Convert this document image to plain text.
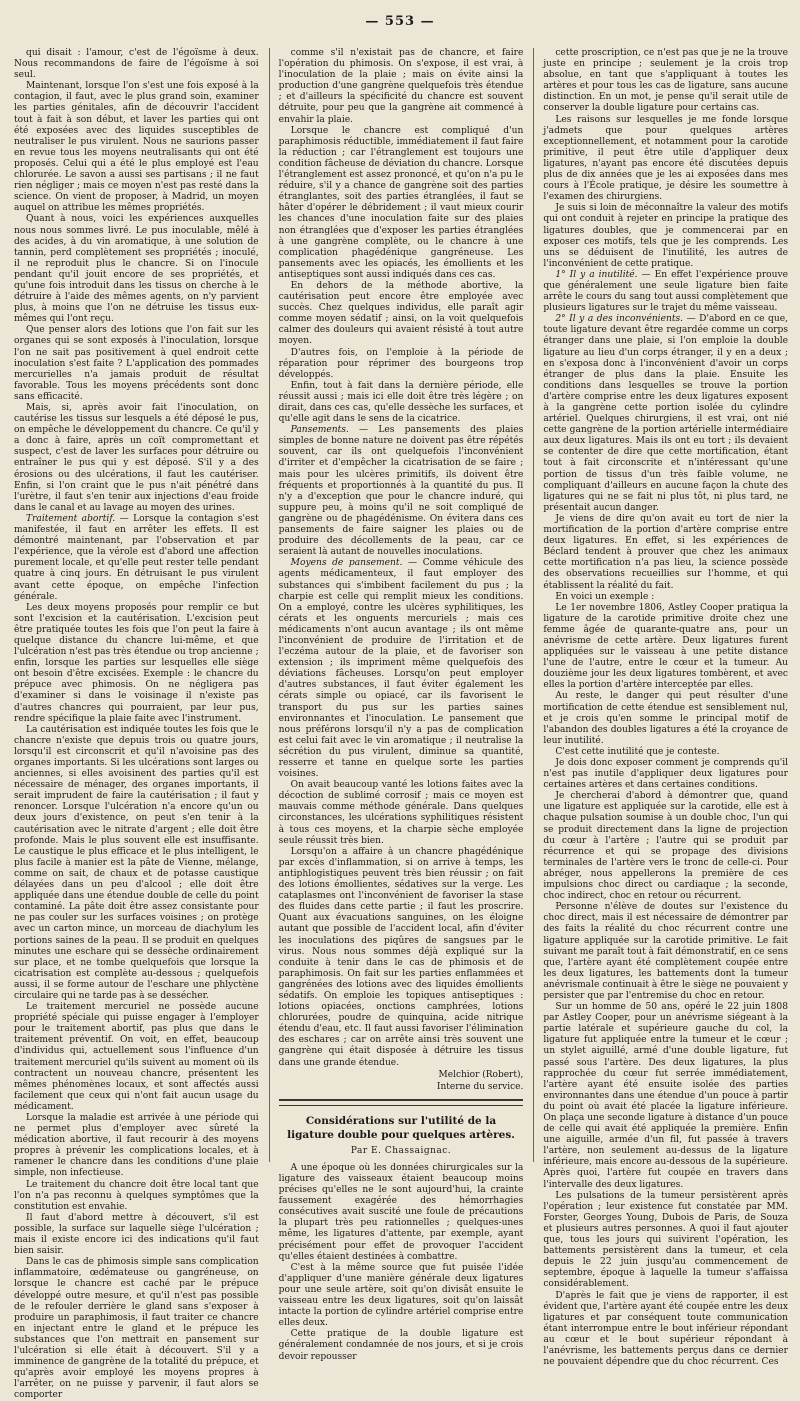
— 553 —

qui disait : l'amour, c'est de l'égoïsme à deux. Nous recommandons de faire de l'égoïsme à soi seul.

Maintenant, lorsque l'on s'est une fois exposé à la contagion, il faut, avec le plus grand soin, examiner les parties génitales, afin de découvrir l'accident tout à fait à son début, et laver les parties qui ont été exposées avec des liquides susceptibles de neutraliser le pus virulent. Nous ne saurions passer en revue tous les moyens neutralisants qui ont été proposés. Celui qui a été le plus employé est l'eau chlorurée. Le savon a aussi ses partisans ; il ne faut rien négliger ; mais ce moyen n'est pas resté dans la science. On vient de proposer, à Madrid, un moyen auquel on attribue les mêmes propriétés.

Quant à nous, voici les expériences auxquelles nous nous sommes livré. Le pus inoculable, mêlé à des acides, à du vin aromatique, à une solution de tannin, perd complètement ses propriétés ; inoculé, il ne reproduit plus le chancre. Si on l'inocule pendant qu'il jouit encore de ses propriétés, et qu'une fois introduit dans les tissus on cherche à le détruire à l'aide des mêmes agents, on n'y parvient plus, à moins que l'on ne détruise les tissus eux-mêmes qui l'ont reçu.

Que penser alors des lotions que l'on fait sur les organes qui se sont exposés à l'inoculation, lorsque l'on ne sait pas positivement à quel endroit cette inoculation s'est faite ? L'application des pommades mercurielles n'a jamais produit de résultat favorable. Tous les moyens précédents sont donc sans efficacité.

Mais, si, après avoir fait l'inoculation, on cautérise les tissus sur lesquels a été déposé le pus, on empêche le développement du chancre. Ce qu'il y a donc à faire, après un coït compromettant et suspect, c'est de laver les surfaces pour détruire ou entraîner le pus qui y est déposé. S'il y a des érosions ou des ulcérations, il faut les cautériser. Enfin, si l'on craint que le pus n'ait pénétré dans l'urètre, il faut s'en tenir aux injections d'eau froide dans le canal et au lavage au moyen des urines.

Traitement abortif. — Lorsque la contagion s'est manifestée, il faut en arrêter les effets. Il est démontré maintenant, par l'observation et par l'expérience, que la vérole est d'abord une affection purement locale, et qu'elle peut rester telle pendant quatre à cinq jours. En détruisant le pus virulent avant cette époque, on empêche l'infection générale.

Les deux moyens proposés pour remplir ce but sont l'excision et la cautérisation. L'excision peut être pratiquée toutes les fois que l'on peut la faire à quelque distance du chancre lui-même, et que l'ulcération n'est pas très étendue ou trop ancienne ; enfin, lorsque les parties sur lesquelles elle siège ont besoin d'être excisées. Exemple : le chancre du prépuce avec phimosis. On ne négligera pas d'examiner si dans le voisinage il n'existe pas d'autres chancres qui pourraient, par leur pus, rendre spécifique la plaie faite avec l'instrument.

La cautérisation est indiquée toutes les fois que le chancre n'existe que depuis trois ou quatre jours, lorsqu'il est circonscrit et qu'il n'avoisine pas des organes importants. Si les ulcérations sont larges ou anciennes, si elles avoisinent des parties qu'il est nécessaire de ménager, des organes importants, il serait imprudent de faire la cautérisation ; il faut y renoncer. Lorsque l'ulcération n'a encore qu'un ou deux jours d'existence, on peut s'en tenir à la cautérisation avec le nitrate d'argent ; elle doit être profonde. Mais le plus souvent elle est insuffisante. Le caustique le plus efficace et le plus intelligent, le plus facile à manier est la pâte de Vienne, mélange, comme on sait, de chaux et de potasse caustique délayées dans un peu d'alcool ; elle doit être appliquée dans une étendue double de celle du point contaminé. La pâte doit être assez consistante pour ne pas couler sur les surfaces voisines ; on protège avec un carton mince, un morceau de diachylum les portions saines de la peau. Il se produit en quelques minutes une eschare qui se dessèche ordinairement sur place, et ne tombe quelquefois que lorsque la cicatrisation est complète au-dessous ; quelquefois aussi, il se forme autour de l'eschare une phlyctène circulaire qui ne tarde pas à se dessécher.

Le traitement mercuriel ne possède aucune propriété spéciale qui puisse engager à l'employer pour le traitement abortif, pas plus que dans le traitement préventif. On voit, en effet, beaucoup d'individus qui, actuellement sous l'influence d'un traitement mercuriel qu'ils suivent au moment où ils contractent un nouveau chancre, présentent les mêmes phénomènes locaux, et sont affectés aussi facilement que ceux qui n'ont fait aucun usage du médicament.

Lorsque la maladie est arrivée à une période qui ne permet plus d'employer avec sûreté la médication abortive, il faut recourir à des moyens propres à prévenir les complications locales, et à ramener le chancre dans les conditions d'une plaie simple, non infectieuse.

Le traitement du chancre doit être local tant que l'on n'a pas reconnu à quelques symptômes que la constitution est envahie.

Il faut d'abord mettre à découvert, s'il est possible, la surface sur laquelle siège l'ulcération ; mais il existe encore ici des indications qu'il faut bien saisir.

Dans le cas de phimosis simple sans complication inflammatoire, œdémateuse ou gangréneuse, on lorsque le chancre est caché par le prépuce développé outre mesure, et qu'il n'est pas possible de le refouler derrière le gland sans s'exposer à produire un paraphimosis, il faut traiter ce chancre en injectant entre le gland et le prépuce les substances que l'on mettrait en pansement sur l'ulcération si elle était à découvert. S'il y a imminence de gangrène de la totalité du prépuce, et qu'après avoir employé les moyens propres à l'arrêter, on ne puisse y parvenir, il faut alors se comporter

comme s'il n'existait pas de chancre, et faire l'opération du phimosis. On s'expose, il est vrai, à l'inoculation de la plaie ; mais on évite ainsi la production d'une gangrène quelquefois très étendue ; et d'ailleurs la spécificité du chancre est souvent détruite, pour peu que la gangrène ait commencé à envahir la plaie.

Lorsque le chancre est compliqué d'un paraphimosis réductible, immédiatement il faut faire la réduction ; car l'étranglement est toujours une condition fâcheuse de déviation du chancre. Lorsque l'étranglement est assez prononcé, et qu'on n'a pu le réduire, s'il y a chance de gangrène soit des parties étranglantes, soit des parties étranglées, il faut se hâter d'opérer le débridement ; il vaut mieux courir les chances d'une inoculation faite sur des plaies non étranglées que d'exposer les parties étranglées à une gangrène complète, ou le chancre à une complication phagédénique gangréneuse. Les pansements avec les opiacés, les émollients et les antiseptiques sont aussi indiqués dans ces cas.

En dehors de la méthode abortive, la cautérisation peut encore être employée avec succès. Chez quelques individus, elle paraît agir comme moyen sédatif ; ainsi, on la voit quelquefois calmer des douleurs qui avaient résisté à tout autre moyen.

D'autres fois, on l'emploie à la période de réparation pour réprimer des bourgeons trop développés.

Enfin, tout à fait dans la dernière période, elle réussit aussi ; mais ici elle doit être très légère ; on dirait, dans ces cas, qu'elle dessèche les surfaces, et qu'elle agit dans le sens de la cicatrice.

Pansements. — Les pansements des plaies simples de bonne nature ne doivent pas être répétés souvent, car ils ont quelquefois l'inconvénient d'irriter et d'empêcher la cicatrisation de se faire ; mais pour les ulcères primitifs, ils doivent être fréquents et proportionnés à la quantité du pus. Il n'y a d'exception que pour le chancre induré, qui suppure peu, à moins qu'il ne soit compliqué de gangrène ou de phagédénisme. On évitera dans ces pansements de faire saigner les plaies ou de produire des décollements de la peau, car ce seraient là autant de nouvelles inoculations.

Moyens de pansement. — Comme véhicule des agents médicamenteux, il faut employer des substances qui s'imbibent facilement du pus ; la charpie est celle qui remplit mieux les conditions. On a employé, contre les ulcères syphilitiques, les cérats et les onguents mercuriels ; mais ces médicaments n'ont aucun avantage ; ils ont même l'inconvénient de produire de l'irritation et de l'eczéma autour de la plaie, et de favoriser son extension ; ils impriment même quelquefois des déviations fâcheuses. Lorsqu'on peut employer d'autres substances, il faut éviter également les cérats simple ou opiacé, car ils favorisent le transport du pus sur les parties saines environnantes et l'inoculation. Le pansement que nous préférons lorsqu'il n'y a pas de complication est celui fait avec le vin aromatique ; il neutralise la sécrétion du pus virulent, diminue sa quantité, resserre et tanne en quelque sorte les parties voisines.

On avait beaucoup vanté les lotions faites avec la décoction de sublimé corrosif ; mais ce moyen est mauvais comme méthode générale. Dans quelques circonstances, les ulcérations syphilitiques résistent à tous ces moyens, et la charpie sèche employée seule réussit très bien.

Lorsqu'on a affaire à un chancre phagédénique par excès d'inflammation, si on arrive à temps, les antiphlogistiques peuvent très bien réussir ; on fait des lotions émollientes, sédatives sur la verge. Les cataplasmes ont l'inconvénient de favoriser la stase des fluides dans cette partie ; il faut les proscrire. Quant aux évacuations sanguines, on les éloigne autant que possible de l'accident local, afin d'éviter les inoculations des piqûres de sangsues par le virus. Nous nous sommes déjà expliqué sur la conduite à tenir dans le cas de phimosis et de paraphimosis. On fait sur les parties enflammées et gangrénées des lotions avec des liquides émollients sédatifs. On emploie les topiques antiseptiques : lotions opiacées, onctions camphrées, lotions chlorurées, poudre de quinquina, acide nitrique étendu d'eau, etc. Il faut aussi favoriser l'élimination des eschares ; car on arrête ainsi très souvent une gangrène qui était disposée à détruire les tissus dans une grande étendue.

Melchior (Robert),
Interne du service.
Considérations sur l'utilité de la ligature double pour quelques artères.
Par E. Chassaignac.

A une époque où les données chirurgicales sur la ligature des vaisseaux étaient beaucoup moins précises qu'elles ne le sont aujourd'hui, la crainte faussement exagérée des hémorrhagies consécutives avait suscité une foule de précautions la plupart très peu rationnelles ; quelques-unes même, les ligatures d'attente, par exemple, ayant précisément pour effet de provoquer l'accident qu'elles étaient destinées à combattre.

C'est à la même source que fut puisée l'idée d'appliquer d'une manière générale deux ligatures pour une seule artère, soit qu'on divisât ensuite le vaisseau entre les deux ligatures, soit qu'on laissât intacte la portion de cylindre artériel comprise entre elles deux.

Cette pratique de la double ligature est généralement condamnée de nos jours, et si je crois devoir repousser

cette proscription, ce n'est pas que je ne la trouve juste en principe ; seulement je la crois trop absolue, en tant que s'appliquant à toutes les artères et pour tous les cas de ligature, sans aucune distinction. En un mot, je pense qu'il serait utile de conserver la double ligature pour certains cas.

Les raisons sur lesquelles je me fonde lorsque j'admets que pour quelques artères exceptionnellement, et notamment pour la carotide primitive, il peut être utile d'appliquer deux ligatures, n'ayant pas encore été discutées depuis plus de dix années que je les ai exposées dans mes cours à l'École pratique, je désire les soumettre à l'examen des chirurgiens.

Je suis si loin de méconnaître la valeur des motifs qui ont conduit à rejeter en principe la pratique des ligatures doubles, que je commencerai par en exposer ces motifs, tels que je les comprends. Les uns se déduisent de l'inutilité, les autres de l'inconvénient de cette pratique.

1° Il y a inutilité. — En effet l'expérience prouve que généralement une seule ligature bien faite arrête le cours du sang tout aussi complètement que plusieurs ligatures sur le trajet du même vaisseau.

2° Il y a des inconvénients. — D'abord en ce que, toute ligature devant être regardée comme un corps étranger dans une plaie, si l'on emploie la double ligature au lieu d'un corps étranger, il y en a deux ; en s'exposa donc à l'inconvénient d'avoir un corps étranger de plus dans la plaie. Ensuite les conditions dans lesquelles se trouve la portion d'artère comprise entre les deux ligatures exposent à la gangrène cette portion isolée du cylindre artériel. Quelques chirurgiens, il est vrai, ont nié cette gangrène de la portion artérielle intermédiaire aux deux ligatures. Mais ils ont eu tort ; ils devaient se contenter de dire que cette mortification, étant tout à fait circonscrite et n'intéressant qu'une portion de tissus d'un très faible volume, ne compliquant d'ailleurs en aucune façon la chute des ligatures qui ne se fait ni plus tôt, ni plus tard, ne présentait aucun danger.

Je viens de dire qu'on avait eu tort de nier la mortification de la portion d'artère comprise entre deux ligatures. En effet, si les expériences de Béclard tendent à prouver que chez les animaux cette mortification n'a pas lieu, la science possède des observations recueillies sur l'homme, et qui établissent la réalité du fait.

En voici un exemple :

Le 1er novembre 1806, Astley Cooper pratiqua la ligature de la carotide primitive droite chez une femme âgée de quarante-quatre ans, pour un anévrisme de cette artère. Deux ligatures furent appliquées sur le vaisseau à une petite distance l'une de l'autre, entre le cœur et la tumeur. Au douzième jour les deux ligatures tombèrent, et avec elles la portion d'artère interceptée par elles.

Au reste, le danger qui peut résulter d'une mortification de cette étendue est sensiblement nul, et je crois qu'en somme le principal motif de l'abandon des doubles ligatures a été la croyance de leur inutilité.

C'est cette inutilité que je conteste.

Je dois donc exposer comment je comprends qu'il n'est pas inutile d'appliquer deux ligatures pour certaines artères et dans certaines conditions.

Je chercherai d'abord à démontrer que, quand une ligature est appliquée sur la carotide, elle est à chaque pulsation soumise à un double choc, l'un qui se produit directement dans la ligne de projection du cœur à l'artère ; l'autre qui se produit par récurrence et qui se propage des divisions terminales de l'artère vers le tronc de celle-ci. Pour abréger, nous appellerons la première de ces impulsions choc direct ou cardiaque ; la seconde, choc indirect, choc en retour ou récurrent.

Personne n'élève de doutes sur l'existence du choc direct, mais il est nécessaire de démontrer par des faits la réalité du choc récurrent contre une ligature appliquée sur la carotide primitive. Le fait suivant me paraît tout à fait démonstratif, en ce sens que, l'artère ayant été complètement coupée entre les deux ligatures, les battements dont la tumeur anévrismale continuait à être le siège ne pouvaient y persister que par l'entremise du choc en retour.

Sur un homme de 50 ans, opéré le 22 juin 1808 par Astley Cooper, pour un anévrisme siégeant à la partie latérale et supérieure gauche du col, la ligature fut appliquée entre la tumeur et le cœur ; un stylet aiguillé, armé d'une double ligature, fut passé sous l'artère. Des deux ligatures, la plus rapprochée du cœur fut serrée immédiatement, l'artère ayant été ensuite isolée des parties environnantes dans une étendue d'un pouce à partir du point où avait été placée la ligature inférieure. On plaça une seconde ligature à distance d'un pouce de celle qui avait été appliquée la première. Enfin une aiguille, armée d'un fil, fut passée à travers l'artère, non seulement au-dessus de la ligature inférieure, mais encore au-dessous de la supérieure. Après quoi, l'artère fut coupée en travers dans l'intervalle des deux ligatures.

Les pulsations de la tumeur persistèrent après l'opération ; leur existence fut constatée par MM. Forster, Georges Young, Dubois de Paris, de Souza et plusieurs autres personnes. A quoi il faut ajouter que, tous les jours qui suivirent l'opération, les battements persistèrent dans la tumeur, et cela depuis le 22 juin jusqu'au commencement de septembre, époque à laquelle la tumeur s'affaissa considérablement.

D'après le fait que je viens de rapporter, il est évident que, l'artère ayant été coupée entre les deux ligatures et par conséquent toute communication étant interrompue entre le bout inférieur répondant au cœur et le bout supérieur répondant à l'anévrisme, les battements perçus dans ce dernier ne pouvaient dépendre que du choc récurrent. Ces
